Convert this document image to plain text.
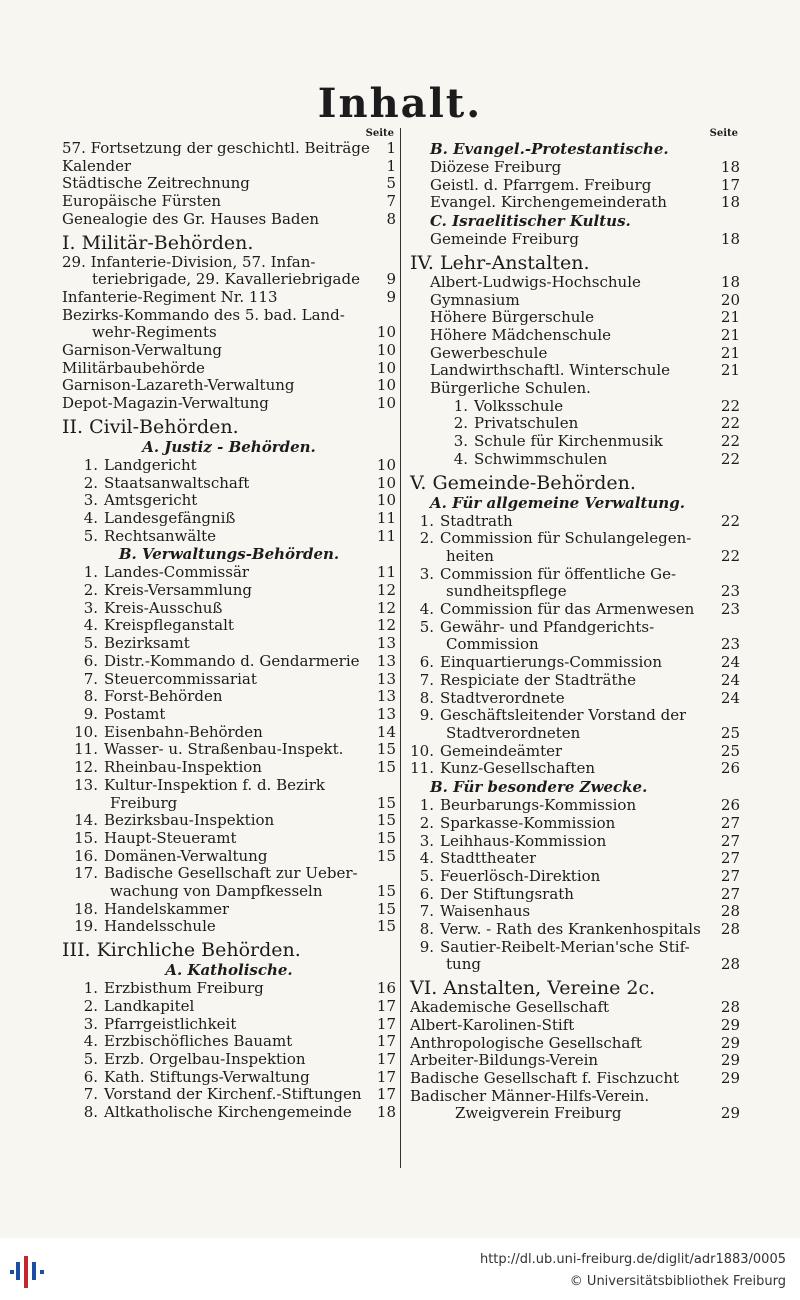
Inhalt.
Seite
57. Fortsetzung der geschichtl. Beiträge	1
Kalender	1
Städtische Zeitrechnung	5
Europäische Fürsten	7
Genealogie des Gr. Hauses Baden	8
I. Militär-Behörden.
29. Infanterie-Division, 57. Infan-
teriebrigade, 29. Kavalleriebrigade	9
Infanterie-Regiment Nr. 113	9
Bezirks-Kommando des 5. bad. Land-
wehr-Regiments	10
Garnison-Verwaltung	10
Militärbaubehörde	10
Garnison-Lazareth-Verwaltung	10
Depot-Magazin-Verwaltung	10
II. Civil-Behörden.
A. Justiz - Behörden.
1. Landgericht	10
2. Staatsanwaltschaft	10
3. Amtsgericht	10
4. Landesgefängniß	11
5. Rechtsanwälte	11
B. Verwaltungs-Behörden.
1. Landes-Commissär	11
2. Kreis-Versammlung	12
3. Kreis-Ausschuß	12
4. Kreispfleganstalt	12
5. Bezirksamt	13
6. Distr.-Kommando d. Gendarmerie	13
7. Steuercommissariat	13
8. Forst-Behörden	13
9. Postamt	13
10. Eisenbahn-Behörden	14
11. Wasser- u. Straßenbau-Inspekt.	15
12. Rheinbau-Inspektion	15
13. Kultur-Inspektion f. d. Bezirk
Freiburg	15
14. Bezirksbau-Inspektion	15
15. Haupt-Steueramt	15
16. Domänen-Verwaltung	15
17. Badische Gesellschaft zur Ueber-
wachung von Dampfkesseln	15
18. Handelskammer	15
19. Handelsschule	15
III. Kirchliche Behörden.
A. Katholische.
1. Erzbisthum Freiburg	16
2. Landkapitel	17
3. Pfarrgeistlichkeit	17
4. Erzbischöfliches Bauamt	17
5. Erzb. Orgelbau-Inspektion	17
6. Kath. Stiftungs-Verwaltung	17
7. Vorstand der Kirchenf.-Stiftungen	17
8. Altkatholische Kirchengemeinde	18
Seite
B. Evangel.-Protestantische.
Diözese Freiburg	18
Geistl. d. Pfarrgem. Freiburg	17
Evangel. Kirchengemeinderath	18
C. Israelitischer Kultus.
Gemeinde Freiburg	18
IV. Lehr-Anstalten.
Albert-Ludwigs-Hochschule	18
Gymnasium	20
Höhere Bürgerschule	21
Höhere Mädchenschule	21
Gewerbeschule	21
Landwirthschaftl. Winterschule	21
Bürgerliche Schulen.
1. Volksschule	22
2. Privatschulen	22
3. Schule für Kirchenmusik	22
4. Schwimmschulen	22
V. Gemeinde-Behörden.
A. Für allgemeine Verwaltung.
1. Stadtrath	22
2. Commission für Schulangelegen-
heiten	22
3. Commission für öffentliche Ge-
sundheitspflege	23
4. Commission für das Armenwesen	23
5. Gewähr- und Pfandgerichts-
Commission	23
6. Einquartierungs-Commission	24
7. Respiciate der Stadträthe	24
8. Stadtverordnete	24
9. Geschäftsleitender Vorstand der
Stadtverordneten	25
10. Gemeindeämter	25
11. Kunz-Gesellschaften	26
B. Für besondere Zwecke.
1. Beurbarungs-Kommission	26
2. Sparkasse-Kommission	27
3. Leihhaus-Kommission	27
4. Stadttheater	27
5. Feuerlösch-Direktion	27
6. Der Stiftungsrath	27
7. Waisenhaus	28
8. Verw. - Rath des Krankenhospitals	28
9. Sautier-Reibelt-Merian'sche Stif-
tung	28
VI. Anstalten, Vereine 2c.
Akademische Gesellschaft	28
Albert-Karolinen-Stift	29
Anthropologische Gesellschaft	29
Arbeiter-Bildungs-Verein	29
Badische Gesellschaft f. Fischzucht	29
Badischer Männer-Hilfs-Verein.
Zweigverein Freiburg	29
http://dl.ub.uni-freiburg.de/diglit/adr1883/0005
© Universitätsbibliothek Freiburg
